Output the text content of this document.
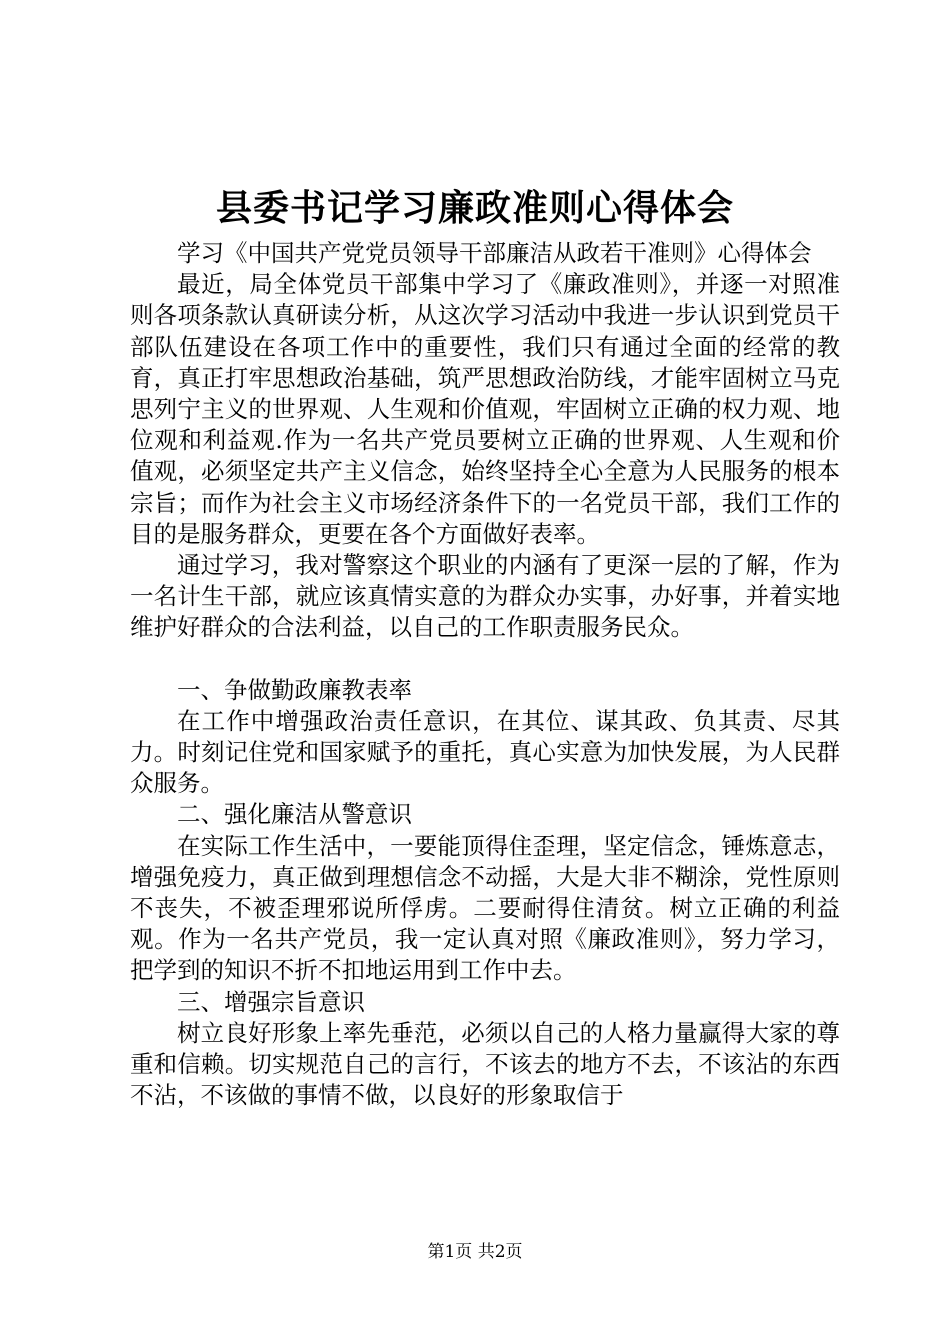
县委书记学习廉政准则心得体会

学习《中国共产党党员领导干部廉洁从政若干准则》心得体会

最近，局全体党员干部集中学习了《廉政准则》，并逐一对照准则各项条款认真研读分析，从这次学习活动中我进一步认识到党员干部队伍建设在各项工作中的重要性，我们只有通过全面的经常的教育，真正打牢思想政治基础，筑严思想政治防线，才能牢固树立马克思列宁主义的世界观、人生观和价值观，牢固树立正确的权力观、地位观和利益观.作为一名共产党员要树立正确的世界观、人生观和价值观，必须坚定共产主义信念，始终坚持全心全意为人民服务的根本宗旨；而作为社会主义市场经济条件下的一名党员干部，我们工作的目的是服务群众，更要在各个方面做好表率。

通过学习，我对警察这个职业的内涵有了更深一层的了解，作为一名计生干部，就应该真情实意的为群众办实事，办好事，并着实地维护好群众的合法利益，以自己的工作职责服务民众。

一、争做勤政廉教表率

在工作中增强政治责任意识，在其位、谋其政、负其责、尽其力。时刻记住党和国家赋予的重托，真心实意为加快发展，为人民群众服务。

二、强化廉洁从警意识

在实际工作生活中，一要能顶得住歪理，坚定信念，锤炼意志，增强免疫力，真正做到理想信念不动摇，大是大非不糊涂，党性原则不丧失，不被歪理邪说所俘虏。二要耐得住清贫。树立正确的利益观。作为一名共产党员，我一定认真对照《廉政准则》，努力学习，把学到的知识不折不扣地运用到工作中去。

三、增强宗旨意识

树立良好形象上率先垂范，必须以自己的人格力量赢得大家的尊重和信赖。切实规范自己的言行，不该去的地方不去，不该沾的东西不沾，不该做的事情不做，以良好的形象取信于

第1页 共2页
